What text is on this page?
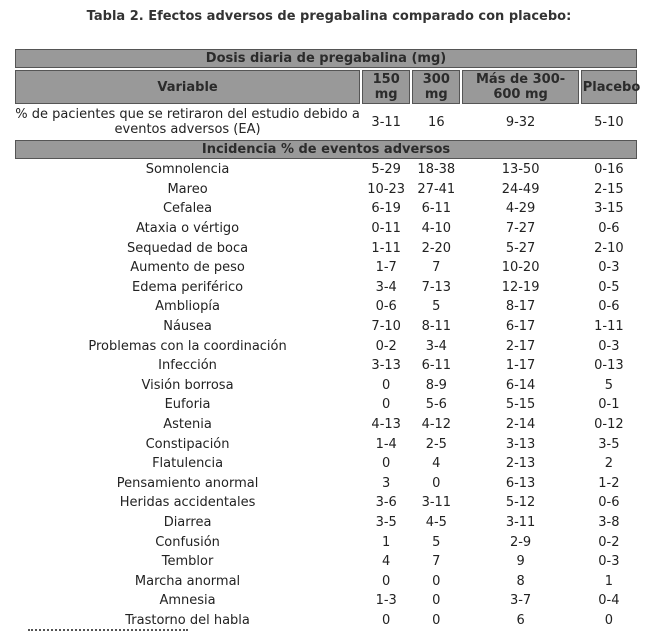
Tabla 2. Efectos adversos de pregabalina comparado con placebo:
Dosis diaria de pregabalina (mg)				
Variable	150 mg	300 mg	Más de 300-600 mg	Placebo
% de pacientes que se retiraron del estudio debido a eventos adversos (EA)	3-11	16	9-32	5-10
Incidencia % de eventos adversos				
Somnolencia	5-29	18-38	13-50	0-16
Mareo	10-23	27-41	24-49	2-15
Cefalea	6-19	6-11	4-29	3-15
Ataxia o vértigo	0-11	4-10	7-27	0-6
Sequedad de boca	1-11	2-20	5-27	2-10
Aumento de peso	1-7	7	10-20	0-3
Edema periférico	3-4	7-13	12-19	0-5
Ambliopía	0-6	5	8-17	0-6
Náusea	7-10	8-11	6-17	1-11
Problemas con la coordinación	0-2	3-4	2-17	0-3
Infección	3-13	6-11	1-17	0-13
Visión borrosa	0	8-9	6-14	5
Euforia	0	5-6	5-15	0-1
Astenia	4-13	4-12	2-14	0-12
Constipación	1-4	2-5	3-13	3-5
Flatulencia	0	4	2-13	2
Pensamiento anormal	3	0	6-13	1-2
Heridas accidentales	3-6	3-11	5-12	0-6
Diarrea	3-5	4-5	3-11	3-8
Confusión	1	5	2-9	0-2
Temblor	4	7	9	0-3
Marcha anormal	0	0	8	1
Amnesia	1-3	0	3-7	0-4
Trastorno del habla	0	0	6	0
